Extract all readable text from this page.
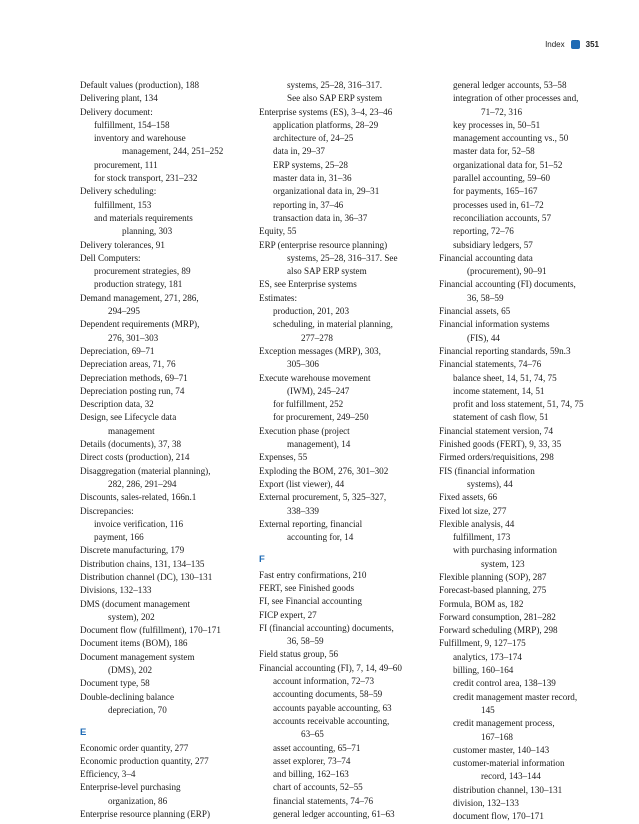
Index	351
Default values (production), 188
Delivering plant, 134
Delivery document:
fulfillment, 154–158
inventory and warehouse
management, 244, 251–252
procurement, 111
for stock transport, 231–232
Delivery scheduling:
fulfillment, 153
and materials requirements
planning, 303
Delivery tolerances, 91
Dell Computers:
procurement strategies, 89
production strategy, 181
Demand management, 271, 286,
294–295
Dependent requirements (MRP),
276, 301–303
Depreciation, 69–71
Depreciation areas, 71, 76
Depreciation methods, 69–71
Depreciation posting run, 74
Description data, 32
Design, see Lifecycle data
management
Details (documents), 37, 38
Direct costs (production), 214
Disaggregation (material planning),
282, 286, 291–294
Discounts, sales-related, 166n.1
Discrepancies:
invoice verification, 116
payment, 166
Discrete manufacturing, 179
Distribution chains, 131, 134–135
Distribution channel (DC), 130–131
Divisions, 132–133
DMS (document management
system), 202
Document flow (fulfillment), 170–171
Document items (BOM), 186
Document management system
(DMS), 202
Document type, 58
Double-declining balance
depreciation, 70
E
Economic order quantity, 277
Economic production quantity, 277
Efficiency, 3–4
Enterprise-level purchasing
organization, 86
Enterprise resource planning (ERP)
systems, 25–28, 316–317.
See also SAP ERP system
Enterprise systems (ES), 3–4, 23–46
application platforms, 28–29
architecture of, 24–25
data in, 29–37
ERP systems, 25–28
master data in, 31–36
organizational data in, 29–31
reporting in, 37–46
transaction data in, 36–37
Equity, 55
ERP (enterprise resource planning)
systems, 25–28, 316–317. See
also SAP ERP system
ES, see Enterprise systems
Estimates:
production, 201, 203
scheduling, in material planning,
277–278
Exception messages (MRP), 303,
305–306
Execute warehouse movement
(IWM), 245–247
for fulfillment, 252
for procurement, 249–250
Execution phase (project
management), 14
Expenses, 55
Exploding the BOM, 276, 301–302
Export (list viewer), 44
External procurement, 5, 325–327,
338–339
External reporting, financial
accounting for, 14
F
Fast entry confirmations, 210
FERT, see Finished goods
FI, see Financial accounting
FICP expert, 27
FI (financial accounting) documents,
36, 58–59
Field status group, 56
Financial accounting (FI), 7, 14, 49–60
account information, 72–73
accounting documents, 58–59
accounts payable accounting, 63
accounts receivable accounting,
63–65
asset accounting, 65–71
asset explorer, 73–74
and billing, 162–163
chart of accounts, 52–55
financial statements, 74–76
general ledger accounting, 61–63
general ledger accounts, 53–58
integration of other processes and,
71–72, 316
key processes in, 50–51
management accounting vs., 50
master data for, 52–58
organizational data for, 51–52
parallel accounting, 59–60
for payments, 165–167
processes used in, 61–72
reconciliation accounts, 57
reporting, 72–76
subsidiary ledgers, 57
Financial accounting data
(procurement), 90–91
Financial accounting (FI) documents,
36, 58–59
Financial assets, 65
Financial information systems
(FIS), 44
Financial reporting standards, 59n.3
Financial statements, 74–76
balance sheet, 14, 51, 74, 75
income statement, 14, 51
profit and loss statement, 51, 74, 75
statement of cash flow, 51
Financial statement version, 74
Finished goods (FERT), 9, 33, 35
Firmed orders/requisitions, 298
FIS (financial information
systems), 44
Fixed assets, 66
Fixed lot size, 277
Flexible analysis, 44
fulfillment, 173
with purchasing information
system, 123
Flexible planning (SOP), 287
Forecast-based planning, 275
Formula, BOM as, 182
Forward consumption, 281–282
Forward scheduling (MRP), 298
Fulfillment, 9, 127–175
analytics, 173–174
billing, 160–164
credit control area, 138–139
credit management master record,
145
credit management process,
167–168
customer master, 140–143
customer-material information
record, 143–144
distribution channel, 130–131
division, 132–133
document flow, 170–171
